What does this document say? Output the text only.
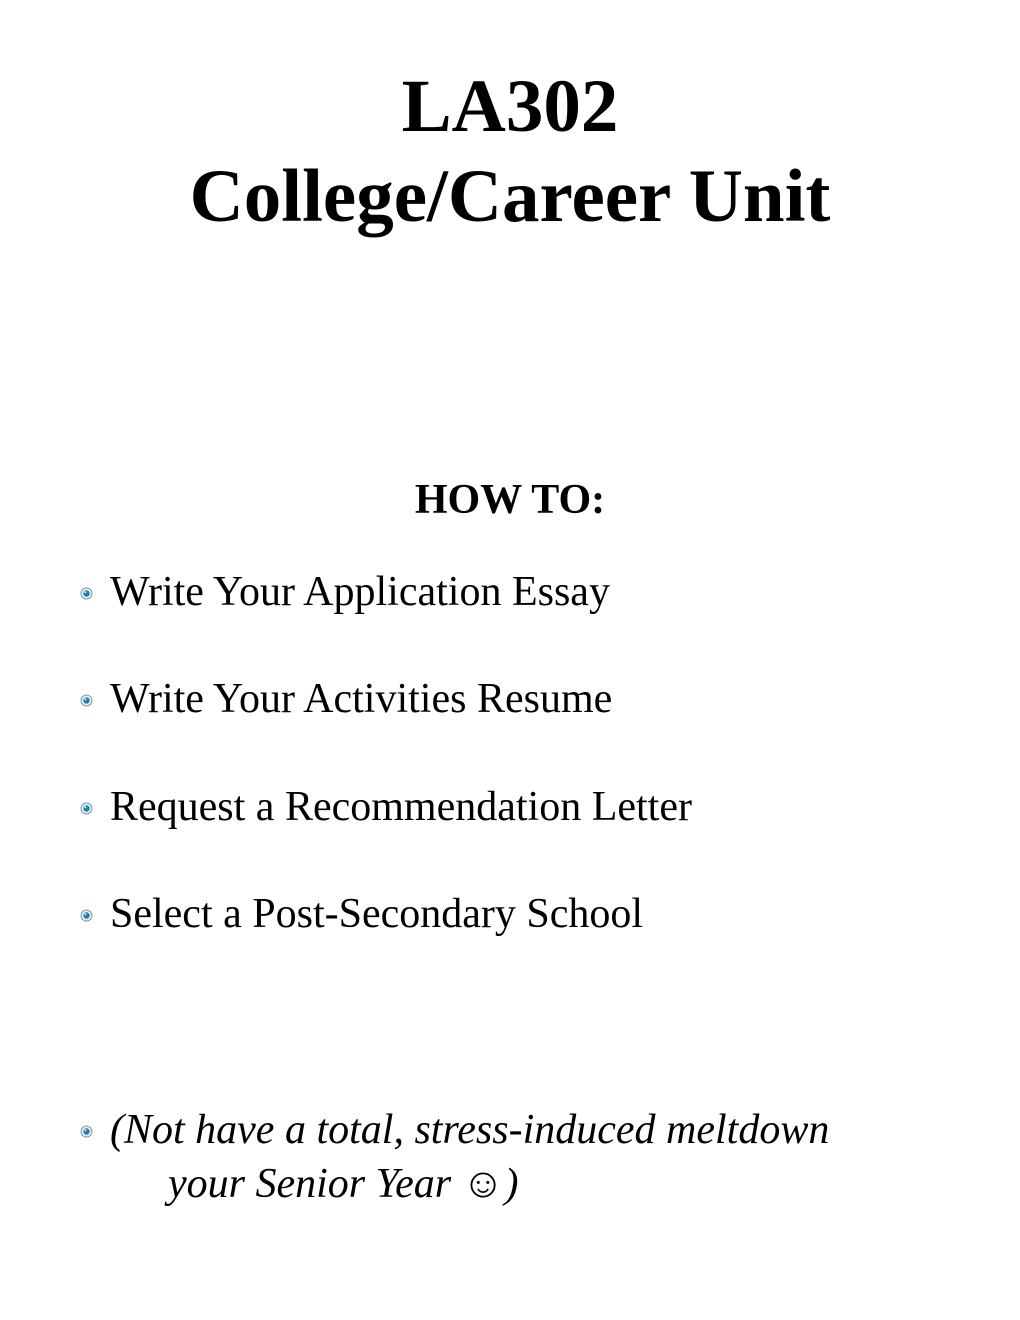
LA302
College/Career Unit
HOW TO:
Write Your Application Essay
Write Your Activities Resume
Request a Recommendation Letter
Select a Post-Secondary School
(Not have a total, stress-induced meltdown
your Senior Year ☺)
